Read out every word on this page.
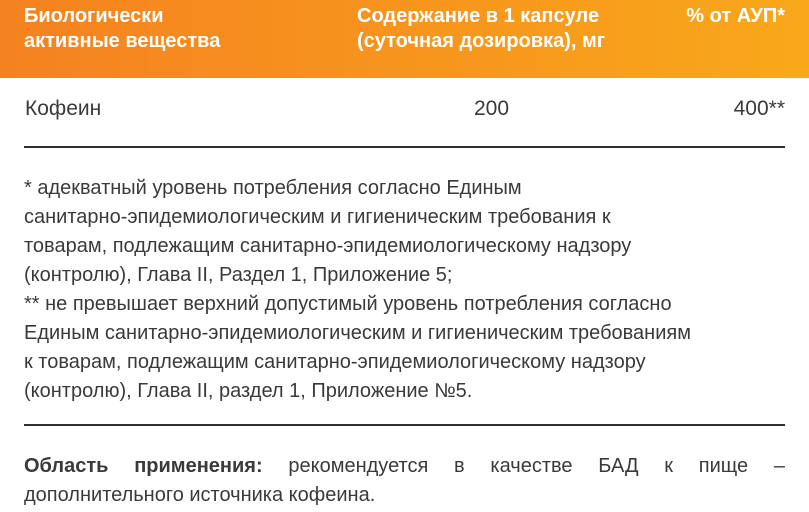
Биологически
активные вещества
Содержание в 1 капсуле
(суточная дозировка), мг
% от АУП*
Кофеин	200	400**
* адекватный уровень потребления согласно Единым
санитарно-эпидемиологическим и гигиеническим требования к
товарам, подлежащим санитарно-эпидемиологическому надзору
(контролю), Глава II, Раздел 1, Приложение 5;
** не превышает верхний допустимый уровень потребления согласно
Единым санитарно-эпидемиологическим и гигиеническим требованиям
к товарам, подлежащим санитарно-эпидемиологическому надзору
(контролю), Глава II, раздел 1, Приложение №5.
Область применения: рекомендуется в качестве БАД к пище –
дополнительного источника кофеина.
